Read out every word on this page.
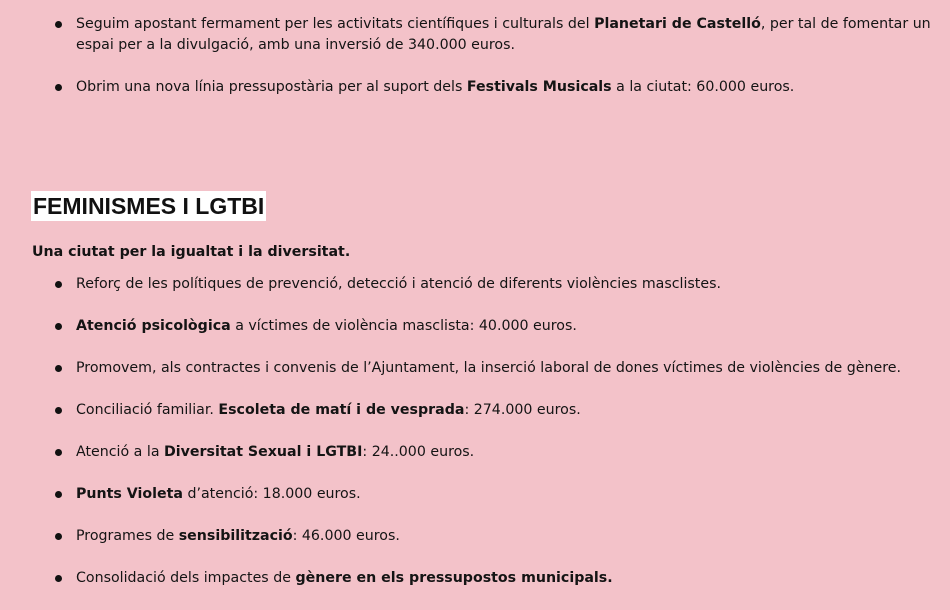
Seguim apostant fermament per les activitats científiques i culturals del Planetari de Castelló, per tal de fomentar un espai per a la divulgació, amb una inversió de 340.000 euros.
Obrim una nova línia pressupostària per al suport dels Festivals Musicals a la ciutat: 60.000 euros.
FEMINISMES I LGTBI

Una ciutat per la igualtat i la diversitat.

Reforç de les polítiques de prevenció, detecció i atenció de diferents violències masclistes.
Atenció psicològica a víctimes de violència masclista: 40.000 euros.
Promovem, als contractes i convenis de l’Ajuntament, la inserció laboral de dones víctimes de violències de gènere.
Conciliació familiar. Escoleta de matí i de vesprada: 274.000 euros.
Atenció a la Diversitat Sexual i LGTBI: 24..000 euros.
Punts Violeta d’atenció: 18.000 euros.
Programes de sensibilització: 46.000 euros.
Consolidació dels impactes de gènere en els pressupostos municipals.
